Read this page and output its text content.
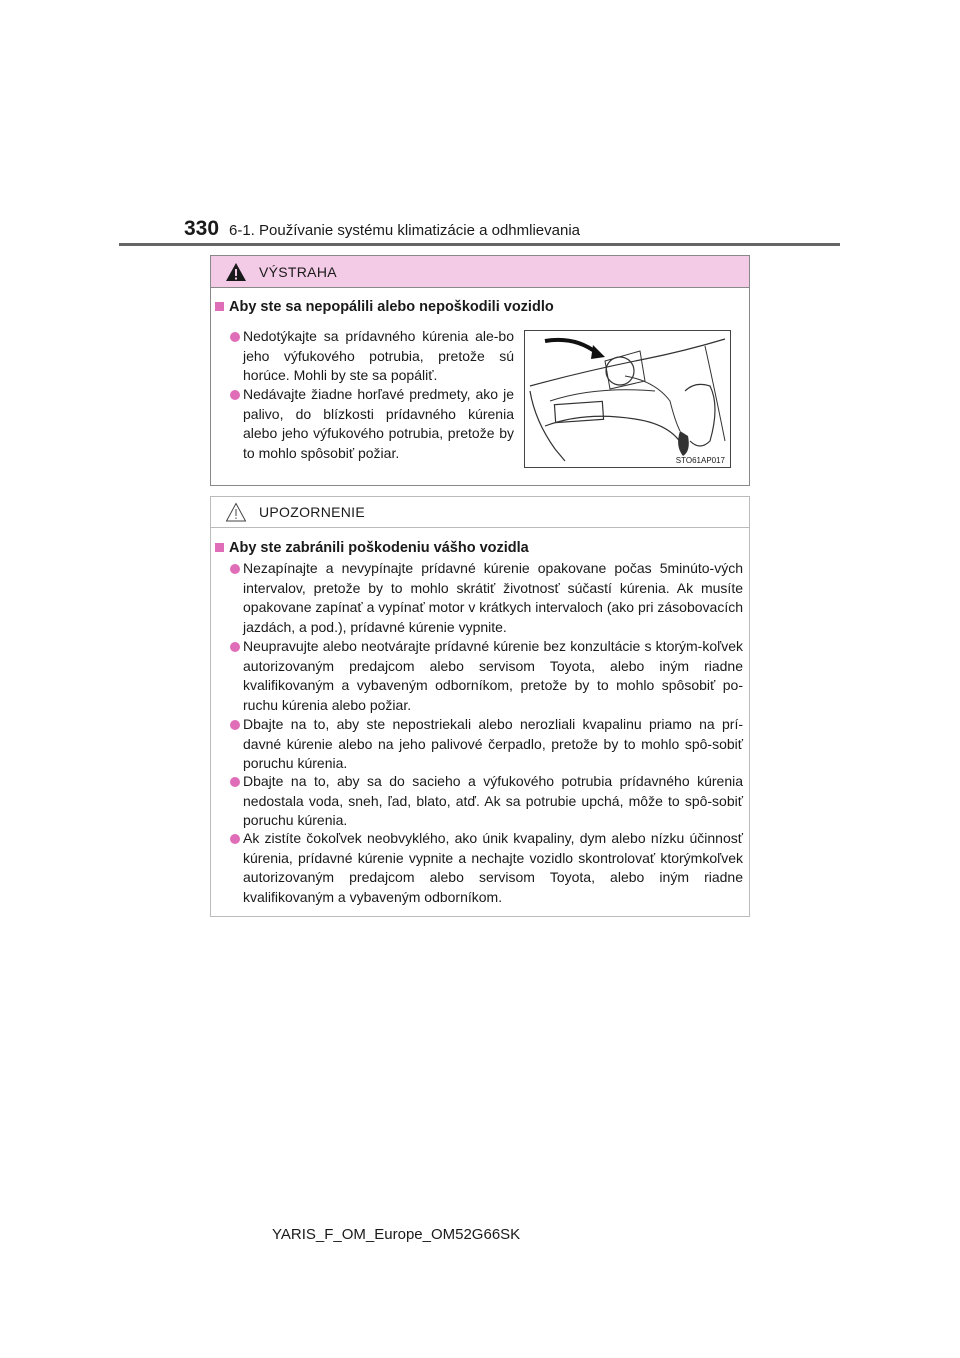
330 6-1. Používanie systému klimatizácie a odhmlievania
VÝSTRAHA
Aby ste sa nepopálili alebo nepoškodili vozidlo
Nedotýkajte sa prídavného kúrenia ale-bo jeho výfukového potrubia, pretože sú horúce. Mohli by ste sa popáliť.
Nedávajte žiadne horľavé predmety, ako je palivo, do blízkosti prídavného kúrenia alebo jeho výfukového potrubia, pretože by to mohlo spôsobiť požiar.	STO61AP017
UPOZORNENIE
Aby ste zabránili poškodeniu vášho vozidla
Nezapínajte a nevypínajte prídavné kúrenie opakovane počas 5minúto-vých intervalov, pretože by to mohlo skrátiť životnosť súčastí kúrenia. Ak musíte opakovane zapínať a vypínať motor v krátkych intervaloch (ako pri zásobovacích jazdách, a pod.), prídavné kúrenie vypnite.
Neupravujte alebo neotvárajte prídavné kúrenie bez konzultácie s ktorým-koľvek autorizovaným predajcom alebo servisom Toyota, alebo iným riadne kvalifikovaným a vybaveným odborníkom, pretože by to mohlo spôsobiť po-ruchu kúrenia alebo požiar.
Dbajte na to, aby ste nepostriekali alebo nerozliali kvapalinu priamo na prí-davné kúrenie alebo na jeho palivové čerpadlo, pretože by to mohlo spô-sobiť poruchu kúrenia.
Dbajte na to, aby sa do sacieho a výfukového potrubia prídavného kúrenia nedostala voda, sneh, ľad, blato, atď. Ak sa potrubie upchá, môže to spô-sobiť poruchu kúrenia.
Ak zistíte čokoľvek neobvyklého, ako únik kvapaliny, dym alebo nízku účinnosť kúrenia, prídavné kúrenie vypnite a nechajte vozidlo skontrolovať ktorýmkoľvek autorizovaným predajcom alebo servisom Toyota, alebo iným riadne kvalifikovaným a vybaveným odborníkom.
YARIS_F_OM_Europe_OM52G66SK
